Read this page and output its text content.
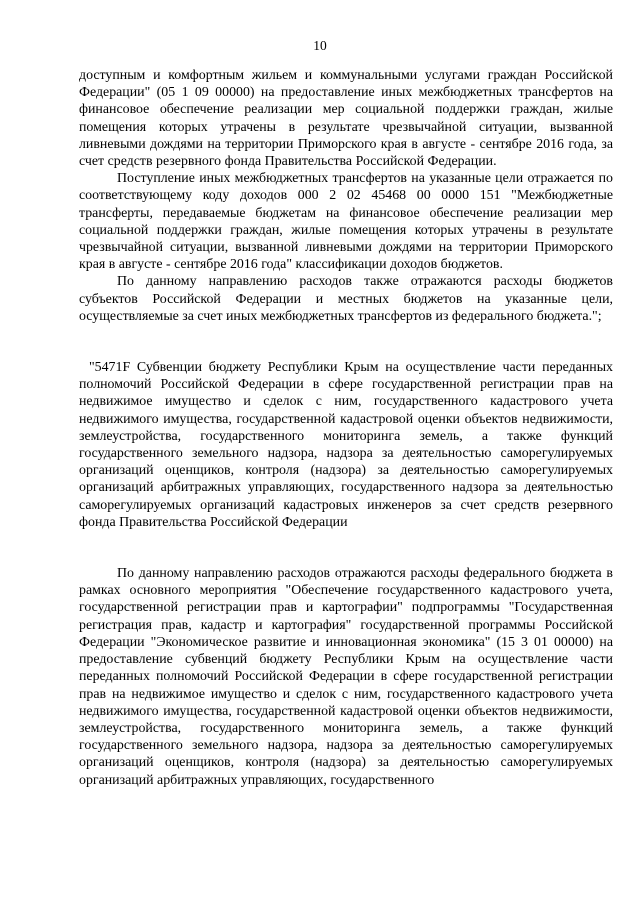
10

доступным и комфортным жильем и коммунальными услугами граждан Российской Федерации" (05 1 09 00000) на предоставление иных межбюджетных трансфертов на финансовое обеспечение реализации мер социальной поддержки граждан, жилые помещения которых утрачены в результате чрезвычайной ситуации, вызванной ливневыми дождями на территории Приморского края в августе - сентябре 2016 года, за счет средств резервного фонда Правительства Российской Федерации.

Поступление иных межбюджетных трансфертов на указанные цели отражается по соответствующему коду доходов 000 2 02 45468 00 0000 151 "Межбюджетные трансферты, передаваемые бюджетам на финансовое обеспечение реализации мер социальной поддержки граждан, жилые помещения которых утрачены в результате чрезвычайной ситуации, вызванной ливневыми дождями на территории Приморского края в августе - сентябре 2016 года" классификации доходов бюджетов.

По данному направлению расходов также отражаются расходы бюджетов субъектов Российской Федерации и местных бюджетов на указанные цели, осуществляемые за счет иных межбюджетных трансфертов из федерального бюджета.";

"5471F Субвенции бюджету Республики Крым на осуществление части переданных полномочий Российской Федерации в сфере государственной регистрации прав на недвижимое имущество и сделок с ним, государственного кадастрового учета недвижимого имущества, государственной кадастровой оценки объектов недвижимости, землеустройства, государственного мониторинга земель, а также функций государственного земельного надзора, надзора за деятельностью саморегулируемых организаций оценщиков, контроля (надзора) за деятельностью саморегулируемых организаций арбитражных управляющих, государственного надзора за деятельностью саморегулируемых организаций кадастровых инженеров за счет средств резервного фонда Правительства Российской Федерации

По данному направлению расходов отражаются расходы федерального бюджета в рамках основного мероприятия "Обеспечение государственного кадастрового учета, государственной регистрации прав и картографии" подпрограммы "Государственная регистрация прав, кадастр и картография" государственной программы Российской Федерации "Экономическое развитие и инновационная экономика" (15 3 01 00000) на предоставление субвенций бюджету Республики Крым на осуществление части переданных полномочий Российской Федерации в сфере государственной регистрации прав на недвижимое имущество и сделок с ним, государственного кадастрового учета недвижимого имущества, государственной кадастровой оценки объектов недвижимости, землеустройства, государственного мониторинга земель, а также функций государственного земельного надзора, надзора за деятельностью саморегулируемых организаций оценщиков, контроля (надзора) за деятельностью саморегулируемых организаций арбитражных управляющих, государственного
